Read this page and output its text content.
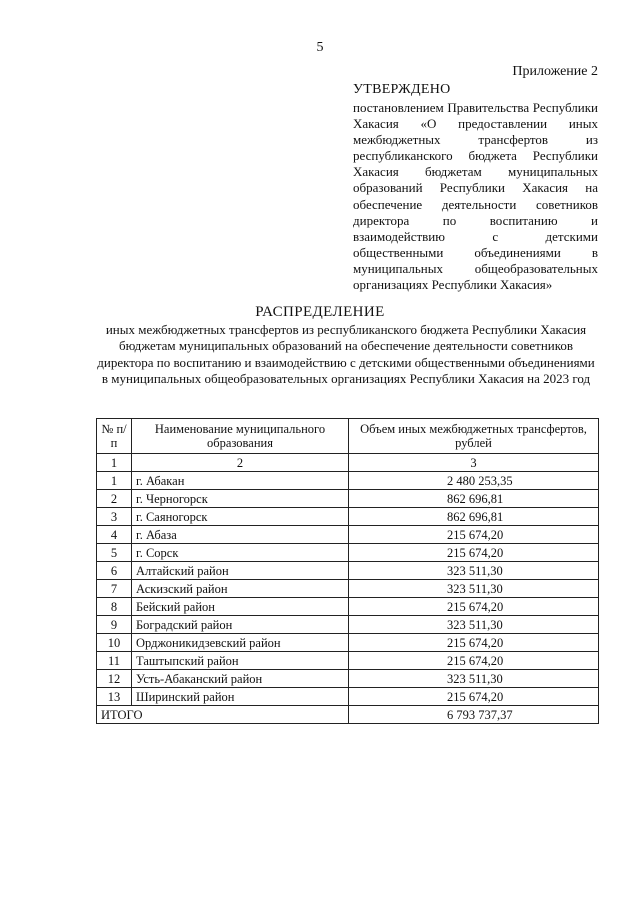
5
Приложение 2
УТВЕРЖДЕНО
постановлением Правительства Республики Хакасия «О предоставлении иных межбюджетных трансфертов из республиканского бюджета Республики Хакасия бюджетам муниципальных образований Республики Хакасия на обеспечение деятельности советников директора по воспитанию и взаимодействию с детскими общественными объединениями в муниципальных общеобразовательных организациях Республики Хакасия»
РАСПРЕДЕЛЕНИЕ
иных межбюджетных трансфертов из республиканского бюджета Республики Хакасия бюджетам муниципальных образований на обеспечение деятельности советников директора по воспитанию и взаимодействию с детскими общественными объединениями в муниципальных общеобразовательных организациях Республики Хакасия на 2023 год
№ п/п	Наименование муниципального образования	Объем иных межбюджетных трансфертов, рублей
1	2	3
1	г. Абакан	2 480 253,35
2	г. Черногорск	862 696,81
3	г. Саяногорск	862 696,81
4	г. Абаза	215 674,20
5	г. Сорск	215 674,20
6	Алтайский район	323 511,30
7	Аскизский район	323 511,30
8	Бейский район	215 674,20
9	Боградский район	323 511,30
10	Орджоникидзевский район	215 674,20
11	Таштыпский район	215 674,20
12	Усть-Абаканский район	323 511,30
13	Ширинский район	215 674,20
ИТОГО		6 793 737,37
